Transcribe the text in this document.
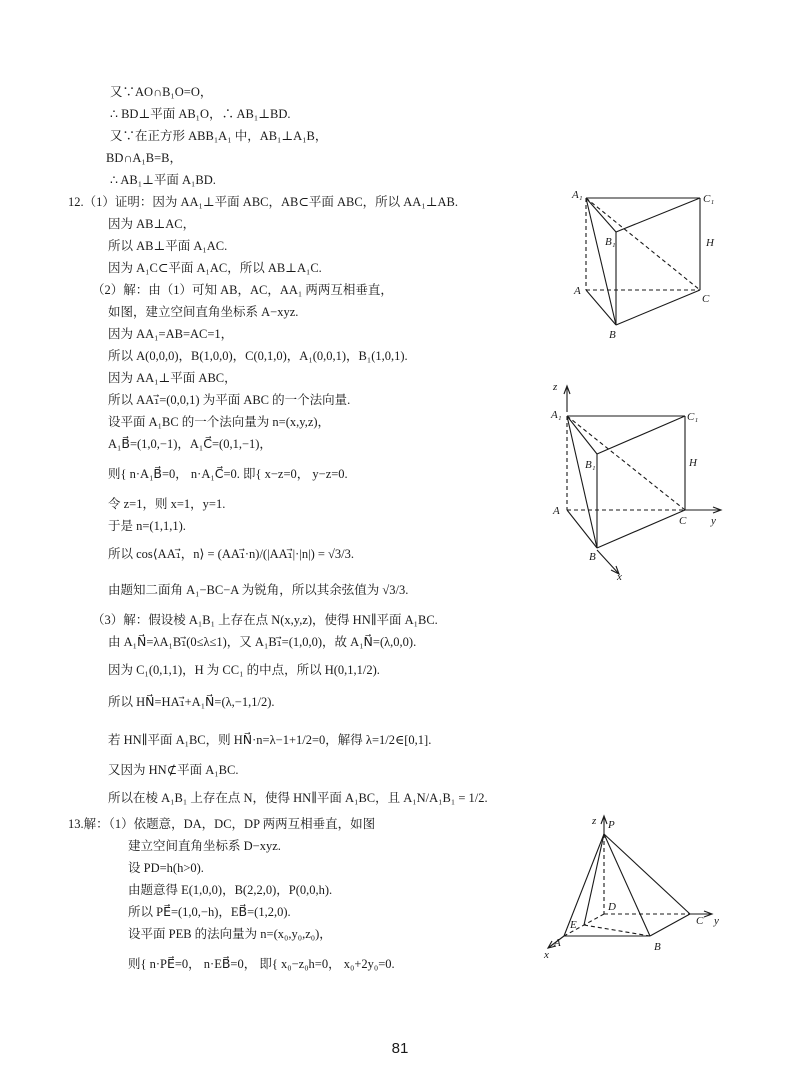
又∵AO∩B₁O=O，
∴ BD⊥平面 AB₁O，∴ AB₁⊥BD.
又∵在正方形 ABB₁A₁ 中，AB₁⊥A₁B，
BD∩A₁B=B，
∴ AB₁⊥平面 A₁BD.
12.（1）证明：因为 AA₁⊥平面 ABC，AB⊂平面 ABC，所以 AA₁⊥AB.
因为 AB⊥AC，
所以 AB⊥平面 A₁AC.
因为 A₁C⊂平面 A₁AC，所以 AB⊥A₁C.
（2）解：由（1）可知 AB，AC，AA₁ 两两互相垂直，
如图，建立空间直角坐标系 A−xyz.
因为 AA₁=AB=AC=1，
所以 A(0,0,0)，B(1,0,0)，C(0,1,0)，A₁(0,0,1)，B₁(1,0,1).
因为 AA₁⊥平面 ABC，
所以 AA₁⃗=(0,0,1) 为平面 ABC 的一个法向量.
设平面 A₁BC 的一个法向量为 n=(x,y,z)，
A₁B⃗=(1,0,−1)，A₁C⃗=(0,1,−1)，
则{ n·A₁B⃗=0， n·A₁C⃗=0. 即{ x−z=0， y−z=0.
令 z=1，则 x=1，y=1.
于是 n=(1,1,1).
所以 cos⟨AA₁⃗，n⟩ = (AA₁⃗·n)/(|AA₁⃗|·|n|) = √3/3.
由题知二面角 A₁−BC−A 为锐角，所以其余弦值为 √3/3.
（3）解：假设棱 A₁B₁ 上存在点 N(x,y,z)，使得 HN∥平面 A₁BC.
由 A₁N⃗=λA₁B₁⃗(0≤λ≤1)，又 A₁B₁⃗=(1,0,0)，故 A₁N⃗=(λ,0,0).
因为 C₁(0,1,1)，H 为 CC₁ 的中点，所以 H(0,1,1/2).
所以 HN⃗=HA₁⃗+A₁N⃗=(λ,−1,1/2).
若 HN∥平面 A₁BC，则 HN⃗·n=λ−1+1/2=0，解得 λ=1/2∈[0,1].
又因为 HN⊄平面 A₁BC.
所以在棱 A₁B₁ 上存在点 N，使得 HN∥平面 A₁BC，且 A₁N/A₁B₁ = 1/2.
13.解：（1）依题意，DA，DC，DP 两两互相垂直，如图
建立空间直角坐标系 D−xyz.
设 PD=h(h>0).
由题意得 E(1,0,0)，B(2,2,0)，P(0,0,h).
所以 PE⃗=(1,0,−h)，EB⃗=(1,2,0).
设平面 PEB 的法向量为 n=(x₀,y₀,z₀)，
则{ n·PE⃗=0， n·EB⃗=0， 即{ x₀−z₀h=0， x₀+2y₀=0.
A₁	C₁
B₁	H
A
C
B
z
A₁	C₁
B₁	H
A
C y
B
x
z P
D
E	C y
A	B
x
81
